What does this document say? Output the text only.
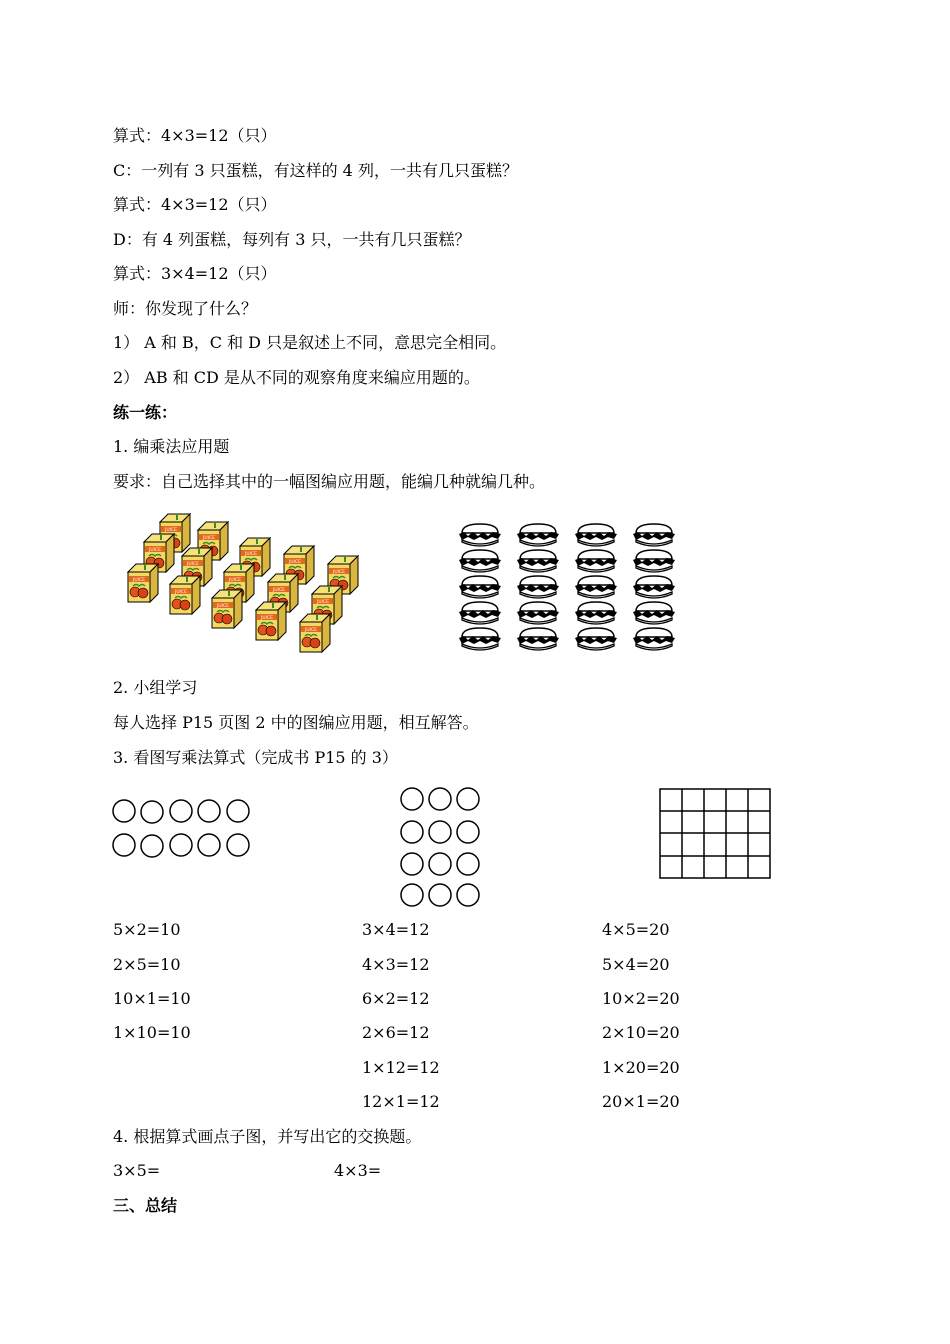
算式：4×3=12（只）
C：一列有 3 只蛋糕，有这样的 4 列，一共有几只蛋糕？
算式：4×3=12（只）
D：有 4 列蛋糕，每列有 3 只，一共有几只蛋糕？
算式：3×4=12（只）
师：你发现了什么？
1） A 和 B，C 和 D 只是叙述上不同，意思完全相同。
2） AB 和 CD 是从不同的观察角度来编应用题的。
练一练：
1. 编乘法应用题
要求：自己选择其中的一幅图编应用题，能编几种就编几种。
JUICE
2. 小组学习
每人选择 P15 页图 2 中的图编应用题，相互解答。
3. 看图写乘法算式（完成书 P15 的 3）
5×2=10
2×5=10
10×1=10
1×10=10
3×4=12
4×3=12
6×2=12
2×6=12
1×12=12
12×1=12
4×5=20
5×4=20
10×2=20
2×10=20
1×20=20
20×1=20
4. 根据算式画点子图，并写出它的交换题。
3×5=	4×3=
三、总结
